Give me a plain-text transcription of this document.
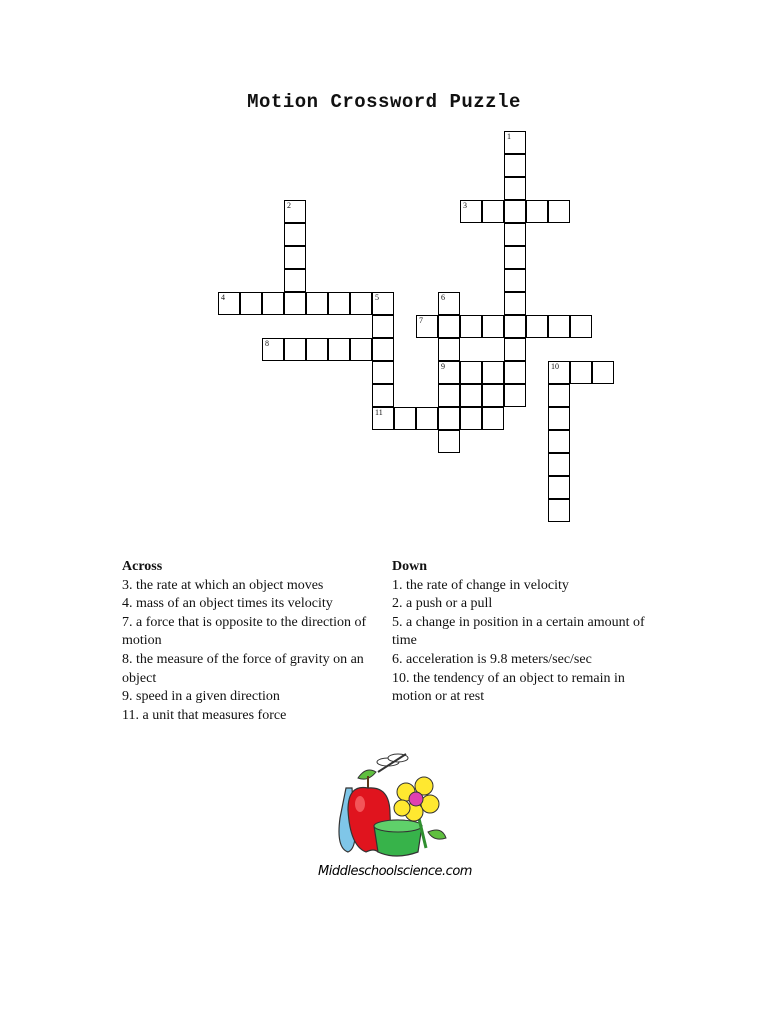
Motion Crossword Puzzle
1
2	3
4	5	6
7
8
9	10
11
Across
3. the rate at which an object moves
4. mass of an object times its velocity
7. a force that is opposite to the direction of motion
8. the measure of the force of gravity on an object
9. speed in a given direction
11. a unit that measures force
Down
1. the rate of change in velocity
2. a push or a pull
5. a change in position in a certain amount of time
6. acceleration is 9.8 meters/sec/sec
10. the tendency of an object to remain in motion or at rest
Middleschoolscience.com
